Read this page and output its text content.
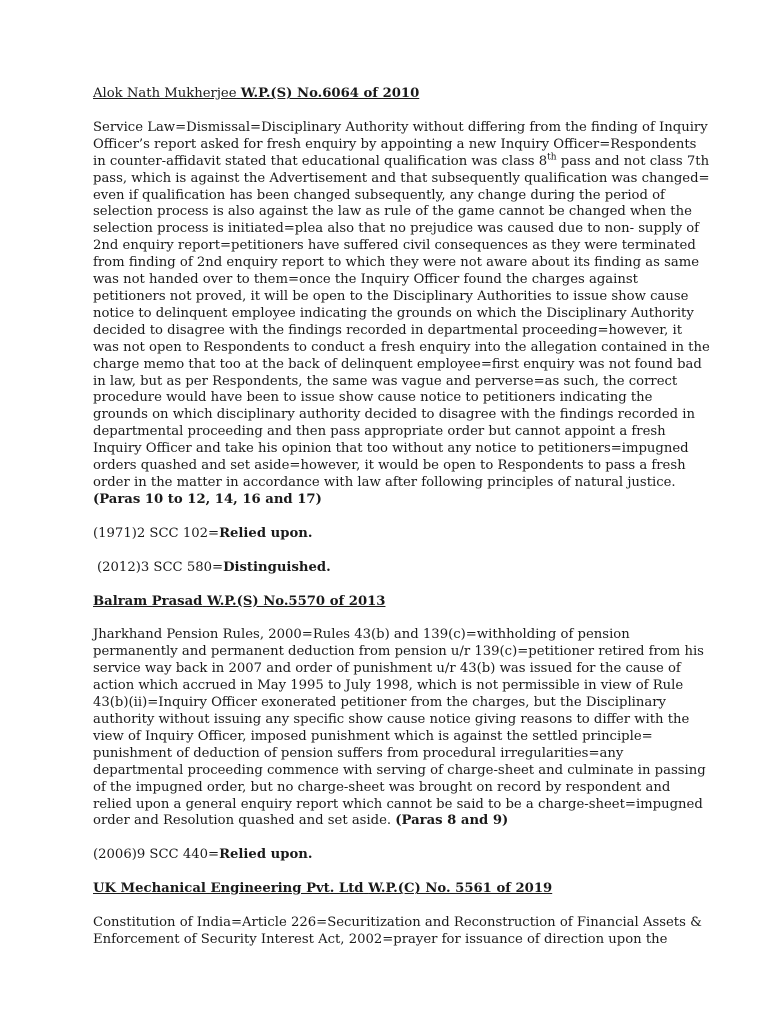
Alok Nath Mukherjee W.P.(S) No.6064 of 2010

Service Law=Dismissal=Disciplinary Authority without differing from the finding of Inquiry Officer’s report asked for fresh enquiry by appointing a new Inquiry Officer=Respondents in counter-affidavit stated that educational qualification was class 8th pass and not class 7th pass, which is against the Advertisement and that subsequently qualification was changed= even if qualification has been changed subsequently, any change during the period of selection process is also against the law as rule of the game cannot be changed when the selection process is initiated=plea also that no prejudice was caused due to non- supply of 2nd enquiry report=petitioners have suffered civil consequences as they were terminated from finding of 2nd enquiry report to which they were not aware about its finding as same was not handed over to them=once the Inquiry Officer found the charges against petitioners not proved, it will be open to the Disciplinary Authorities to issue show cause notice to delinquent employee indicating the grounds on which the Disciplinary Authority decided to disagree with the findings recorded in departmental proceeding=however, it was not open to Respondents to conduct a fresh enquiry into the allegation contained in the charge memo that too at the back of delinquent employee=first enquiry was not found bad in law, but as per Respondents, the same was vague and perverse=as such, the correct procedure would have been to issue show cause notice to petitioners indicating the grounds on which disciplinary authority decided to disagree with the findings recorded in departmental proceeding and then pass appropriate order but cannot appoint a fresh Inquiry Officer and take his opinion that too without any notice to petitioners=impugned orders quashed and set aside=however, it would be open to Respondents to pass a fresh order in the matter in accordance with law after following principles of natural justice. (Paras 10 to 12, 14, 16 and 17)

(1971)2 SCC 102=Relied upon.

(2012)3 SCC 580=Distinguished.

Balram Prasad W.P.(S) No.5570 of 2013

Jharkhand Pension Rules, 2000=Rules 43(b) and 139(c)=withholding of pension permanently and permanent deduction from pension u/r 139(c)=petitioner retired from his service way back in 2007 and order of punishment u/r 43(b) was issued for the cause of action which accrued in May 1995 to July 1998, which is not permissible in view of Rule 43(b)(ii)=Inquiry Officer exonerated petitioner from the charges, but the Disciplinary authority without issuing any specific show cause notice giving reasons to differ with the view of Inquiry Officer, imposed punishment which is against the settled principle= punishment of deduction of pension suffers from procedural irregularities=any departmental proceeding commence with serving of charge-sheet and culminate in passing of the impugned order, but no charge-sheet was brought on record by respondent and relied upon a general enquiry report which cannot be said to be a charge-sheet=impugned order and Resolution quashed and set aside. (Paras 8 and 9)

(2006)9 SCC 440=Relied upon.

UK Mechanical Engineering Pvt. Ltd W.P.(C) No. 5561 of 2019

Constitution of India=Article 226=Securitization and Reconstruction of Financial Assets & Enforcement of Security Interest Act, 2002=prayer for issuance of direction upon the
